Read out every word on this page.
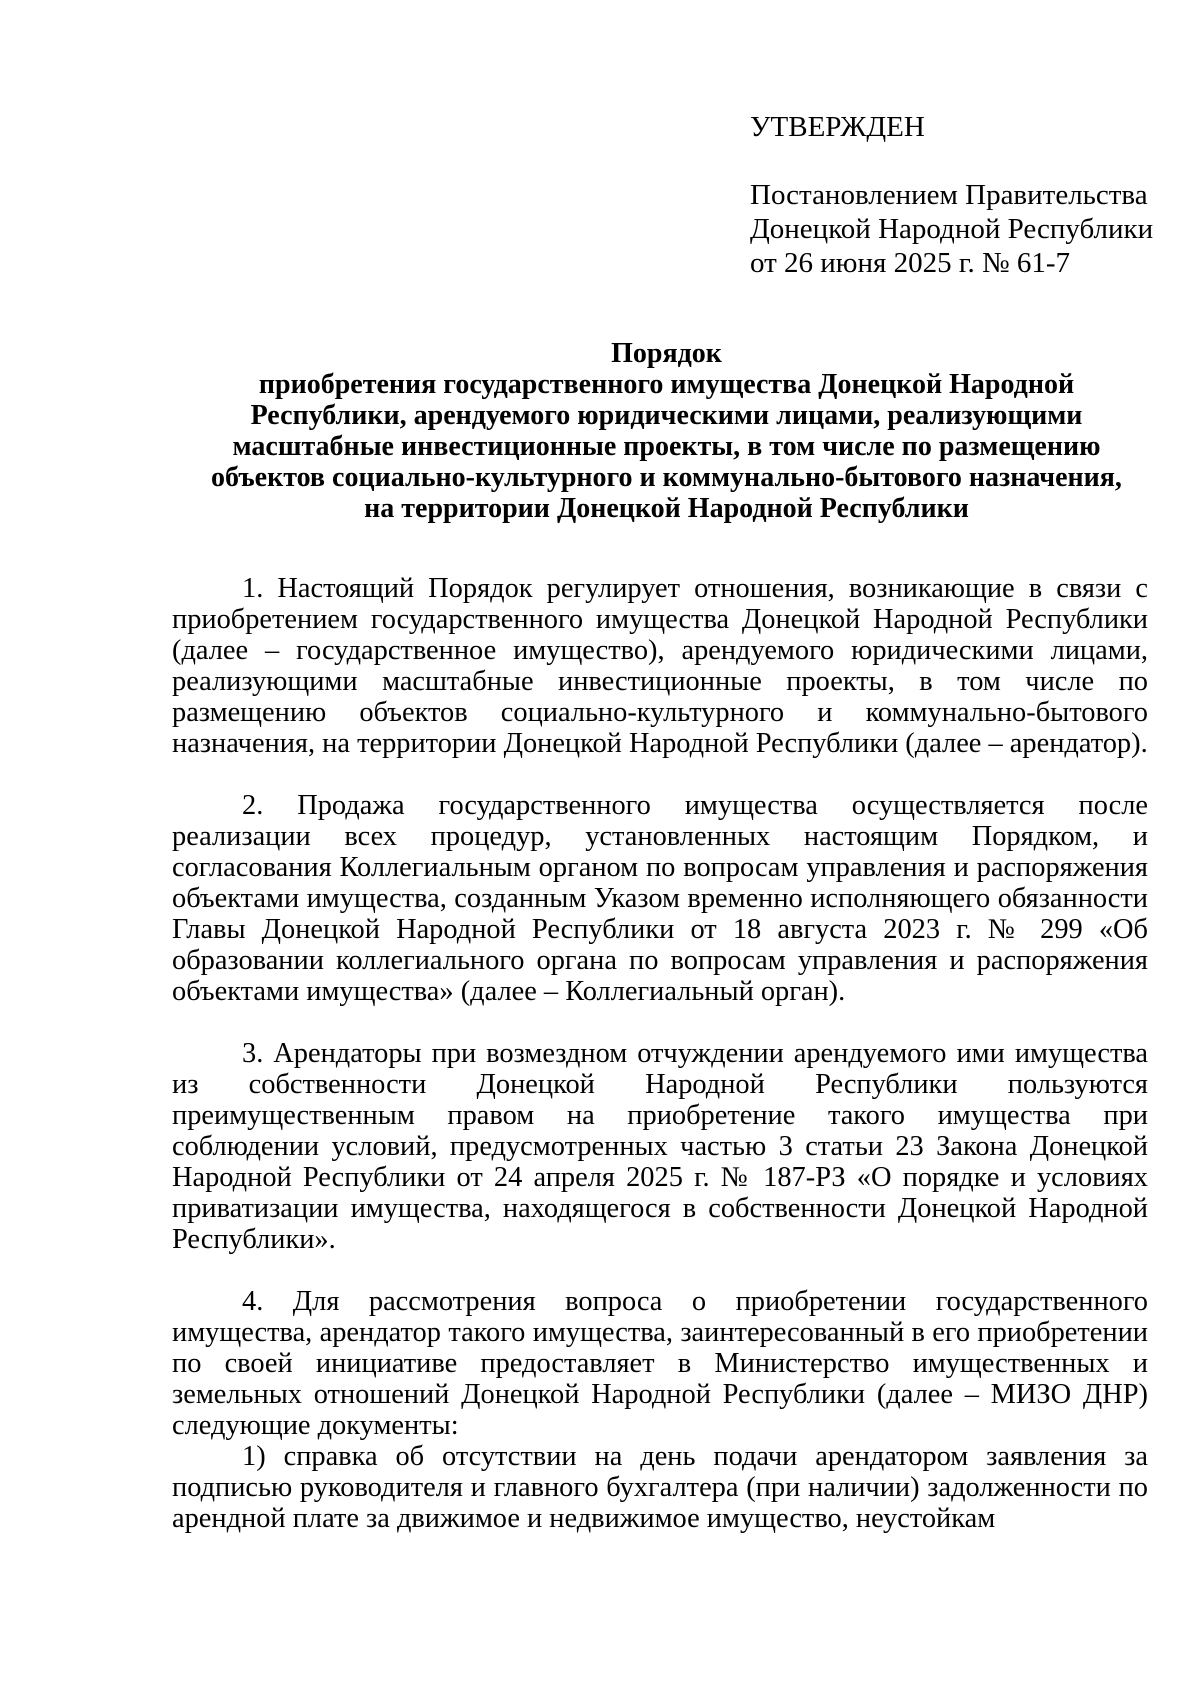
УТВЕРЖДЕН
Постановлением Правительства
Донецкой Народной Республики
от 26 июня 2025 г. № 61-7
Порядок
приобретения государственного имущества Донецкой Народной
Республики, арендуемого юридическими лицами, реализующими
масштабные инвестиционные проекты, в том числе по размещению
объектов социально-культурного и коммунально-бытового назначения,
на территории Донецкой Народной Республики

1. Настоящий Порядок регулирует отношения, возникающие в связи с приобретением государственного имущества Донецкой Народной Республики (далее – государственное имущество), арендуемого юридическими лицами, реализующими масштабные инвестиционные проекты, в том числе по размещению объектов социально-культурного и коммунально-бытового назначения, на территории Донецкой Народной Республики (далее – арендатор).

2. Продажа государственного имущества осуществляется после реализации всех процедур, установленных настоящим Порядком, и согласования Коллегиальным органом по вопросам управления и распоряжения объектами имущества, созданным Указом временно исполняющего обязанности Главы Донецкой Народной Республики от 18 августа 2023 г. № 299 «Об образовании коллегиального органа по вопросам управления и распоряжения объектами имущества» (далее – Коллегиальный орган).

3. Арендаторы при возмездном отчуждении арендуемого ими имущества из собственности Донецкой Народной Республики пользуются преимущественным правом на приобретение такого имущества при соблюдении условий, предусмотренных частью 3 статьи 23 Закона Донецкой Народной Республики от 24 апреля 2025 г. № 187-РЗ «О порядке и условиях приватизации имущества, находящегося в собственности Донецкой Народной Республики».

4. Для рассмотрения вопроса о приобретении государственного имущества, арендатор такого имущества, заинтересованный в его приобретении по своей инициативе предоставляет в Министерство имущественных и земельных отношений Донецкой Народной Республики (далее – МИЗО ДНР) следующие документы:

1) справка об отсутствии на день подачи арендатором заявления за подписью руководителя и главного бухгалтера (при наличии) задолженности по арендной плате за движимое и недвижимое имущество, неустойкам
